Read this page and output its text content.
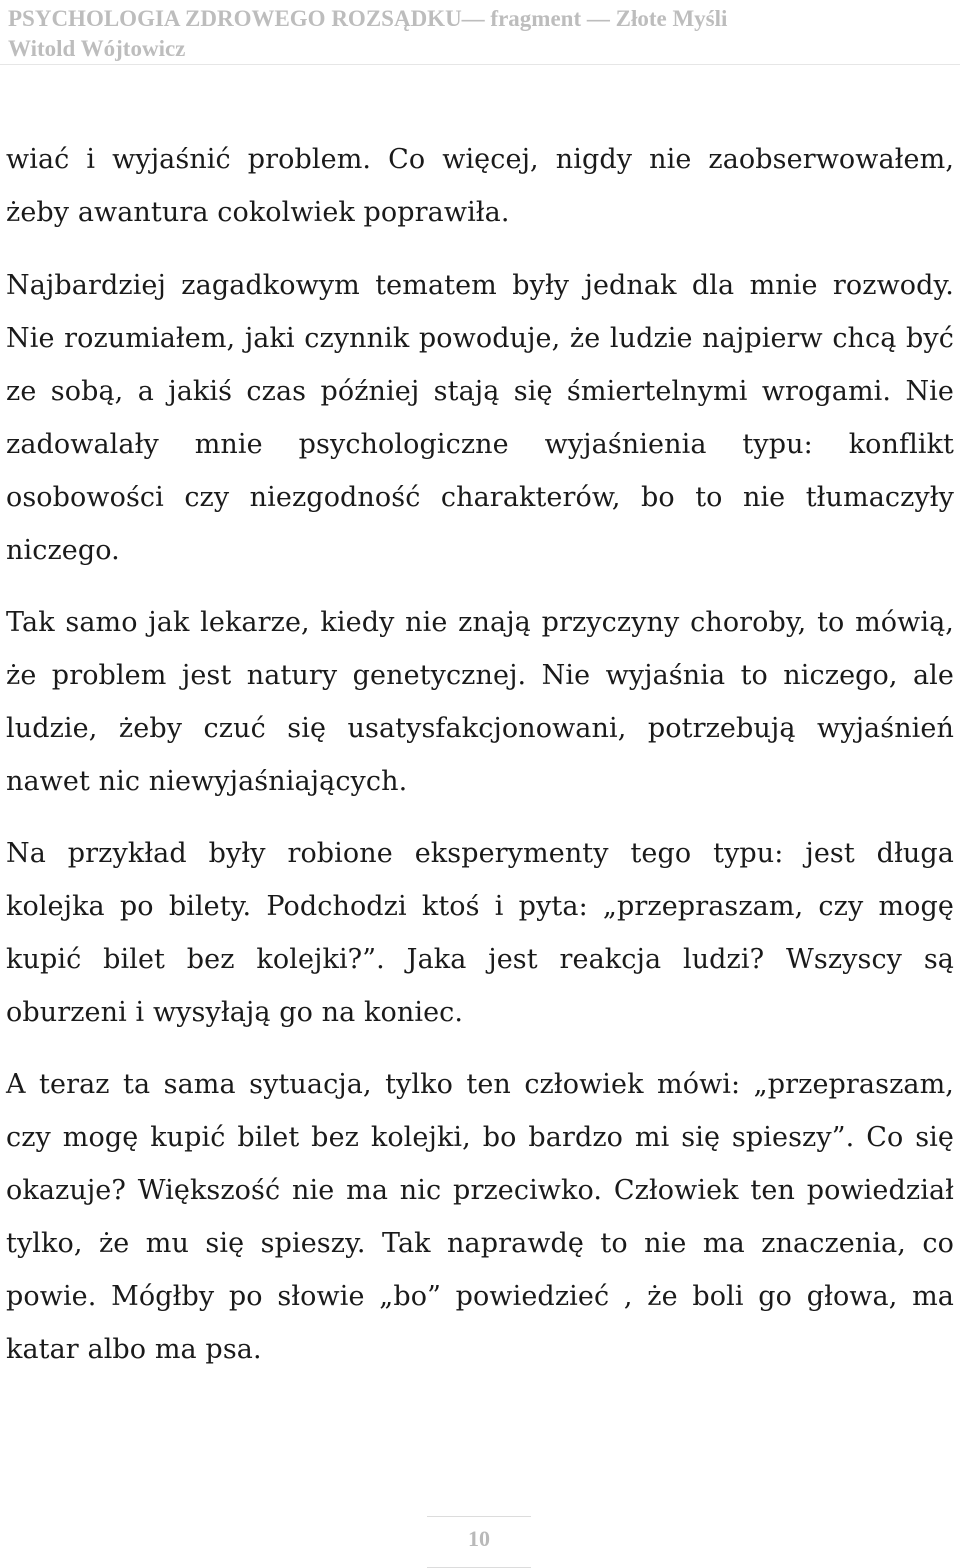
PSYCHOLOGIA ZDROWEGO ROZSĄDKU— fragment — Złote Myśli
Witold Wójtowicz

wiać i wyjaśnić problem. Co więcej, nigdy nie zaobserwowałem, żeby awantura cokolwiek poprawiła.

Najbardziej zagadkowym tematem były jednak dla mnie rozwody. Nie rozumiałem, jaki czynnik powoduje, że ludzie najpierw chcą być ze sobą, a jakiś czas później stają się śmiertelnymi wrogami. Nie zadowalały mnie psychologiczne wyjaśnienia typu: konflikt osobowości czy niezgodność charakterów, bo to nie tłumaczyły niczego.

Tak samo jak lekarze, kiedy nie znają przyczyny choroby, to mówią, że problem jest natury genetycznej. Nie wyjaśnia to niczego, ale ludzie, żeby czuć się usatysfakcjonowani, potrzebują wyjaśnień nawet nic niewyjaśniających.

Na przykład były robione eksperymenty tego typu: jest długa kolejka po bilety. Podchodzi ktoś i pyta: „przepraszam, czy mogę kupić bilet bez kolejki?”. Jaka jest reakcja ludzi? Wszyscy są oburzeni i wysyłają go na koniec.

A teraz ta sama sytuacja, tylko ten człowiek mówi: „przepraszam, czy mogę kupić bilet bez kolejki, bo bardzo mi się spieszy”. Co się okazuje? Większość nie ma nic przeciwko. Człowiek ten powiedział tylko, że mu się spieszy. Tak naprawdę to nie ma znaczenia, co powie. Mógłby po słowie „bo” powiedzieć , że boli go głowa, ma katar albo ma psa.

10
